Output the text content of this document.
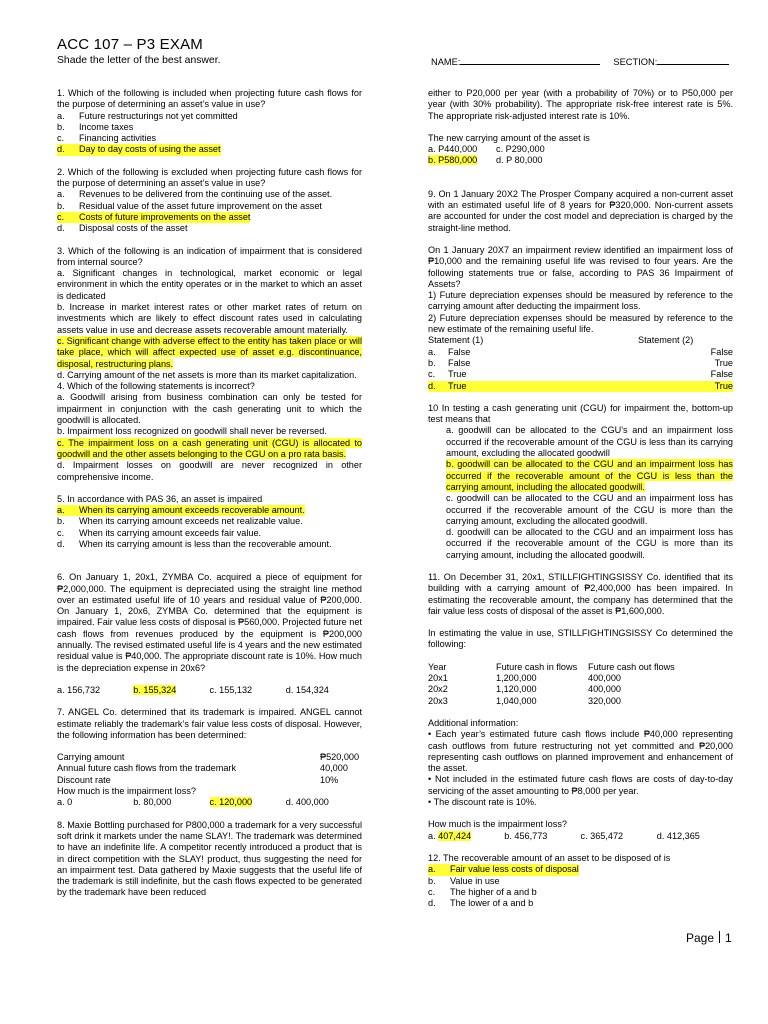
ACC 107 – P3 EXAM
Shade the letter of the best answer.	NAME:	SECTION:
1. Which of the following is included when projecting future cash flows for the purpose of determining an asset’s value in use?
a.	Future restructurings not yet committed
b.	Income taxes
c.	Financing activities
d.	Day to day costs of using the asset
2. Which of the following is excluded when projecting future cash flows for the purpose of determining an asset’s value in use?
a.	Revenues to be delivered from the continuing use of the asset.
b.	Residual value of the asset future improvement on the asset
c.	Costs of future improvements on the asset
d.	Disposal costs of the asset
3. Which of the following is an indication of impairment that is considered from internal source?
a. Significant changes in technological, market economic or legal environment in which the entity operates or in the market to which an asset is dedicated
b. Increase in market interest rates or other market rates of return on investments which are likely to effect discount rates used in calculating assets value in use and decrease assets recoverable amount materially.
c. Significant change with adverse effect to the entity has taken place or will take place, which will affect expected use of asset e.g. discontinuance, disposal, restructuring plans.
d. Carrying amount of the net assets is more than its market capitalization.
4. Which of the following statements is incorrect?
a. Goodwill arising from business combination can only be tested for impairment in conjunction with the cash generating unit to which the goodwill is allocated.
b. Impairment loss recognized on goodwill shall never be reversed.
c. The impairment loss on a cash generating unit (CGU) is allocated to goodwill and the other assets belonging to the CGU on a pro rata basis.
d. Impairment losses on goodwill are never recognized in other comprehensive income.
5. In accordance with PAS 36, an asset is impaired
a.	When its carrying amount exceeds recoverable amount.
b.	When its carrying amount exceeds net realizable value.
c.	When its carrying amount exceeds fair value.
d.	When its carrying amount is less than the recoverable amount.
6. On January 1, 20x1, ZYMBA Co. acquired a piece of equipment for ₱2,000,000. The equipment is depreciated using the straight line method over an estimated useful life of 10 years and residual value of ₱200,000. On January 1, 20x6, ZYMBA Co. determined that the equipment is impaired. Fair value less costs of disposal is ₱560,000. Projected future net cash flows from revenues produced by the equipment is ₱200,000 annually. The revised estimated useful life is 4 years and the new estimated residual value is ₱40,000. The appropriate discount rate is 10%. How much is the depreciation expense in 20x6?
a. 156,732	b. 155,324	c. 155,132	d. 154,324
7. ANGEL Co. determined that its trademark is impaired. ANGEL cannot estimate reliably the trademark’s fair value less costs of disposal. However, the following information has been determined:
Carrying amount	₱520,000
Annual future cash flows from the trademark	40,000
Discount rate	10%
How much is the impairment loss?
a. 0	b. 80,000	c. 120,000	d. 400,000
8. Maxie Bottling purchased for P800,000 a trademark for a very successful soft drink it markets under the name SLAY!. The trademark was determined to have an indefinite life. A competitor recently introduced a product that is in direct competition with the SLAY! product, thus suggesting the need for an impairment test. Data gathered by Maxie suggests that the useful life of the trademark is still indefinite, but the cash flows expected to be generated by the trademark have been reduced
either to P20,000 per year (with a probability of 70%) or to P50,000 per year (with 30% probability). The appropriate risk-free interest rate is 5%. The appropriate risk-adjusted interest rate is 10%.
The new carrying amount of the asset is
a. P440,000	c. P290,000
b. P580,000	d. P 80,000
9. On 1 January 20X2 The Prosper Company acquired a non-current asset with an estimated useful life of 8 years for ₱320,000. Non-current assets are accounted for under the cost model and depreciation is charged by the straight-line method.
On 1 January 20X7 an impairment review identified an impairment loss of ₱10,000 and the remaining useful life was revised to four years. Are the following statements true or false, according to PAS 36 Impairment of Assets?
1) Future depreciation expenses should be measured by reference to the carrying amount after deducting the impairment loss.
2) Future depreciation expenses should be measured by reference to the new estimate of the remaining useful life.
Statement (1)	Statement (2)
a.	False	False
b.	False	True
c.	True	False
d.	True	True
10 In testing a cash generating unit (CGU) for impairment the, bottom-up test means that
a. goodwill can be allocated to the CGU’s and an impairment loss occurred if the recoverable amount of the CGU is less than its carrying amount, excluding the allocated goodwill
b. goodwill can be allocated to the CGU and an impairment loss has occurred if the recoverable amount of the CGU is less than the carrying amount, including the allocated goodwill.
c. goodwill can be allocated to the CGU and an impairment loss has occurred if the recoverable amount of the CGU is more than the carrying amount, excluding the allocated goodwill.
d. goodwill can be allocated to the CGU and an impairment loss has occurred if the recoverable amount of the CGU is more than its carrying amount, including the allocated goodwill.
11. On December 31, 20x1, STILLFIGHTINGSISSY Co. identified that its building with a carrying amount of ₱2,400,000 has been impaired. In estimating the recoverable amount, the company has determined that the fair value less costs of disposal of the asset is ₱1,600,000.
In estimating the value in use, STILLFIGHTINGSISSY Co determined the following:
Year	Future cash in flows	Future cash out flows
20x1	1,200,000	400,000
20x2	1,120,000	400,000
20x3	1,040,000	320,000
Additional information:
• Each year’s estimated future cash flows include ₱40,000 representing cash outflows from future restructuring not yet committed and ₱20,000 representing cash outflows on planned improvement and enhancement of the asset.
• Not included in the estimated future cash flows are costs of day-to-day servicing of the asset amounting to ₱8,000 per year.
• The discount rate is 10%.
How much is the impairment loss?
a. 407,424	b. 456,773	c. 365,472	d. 412,365
12. The recoverable amount of an asset to be disposed of is
a.	Fair value less costs of disposal
b.	Value in use
c.	The higher of a and b
d.	The lower of a and b
Page 1
